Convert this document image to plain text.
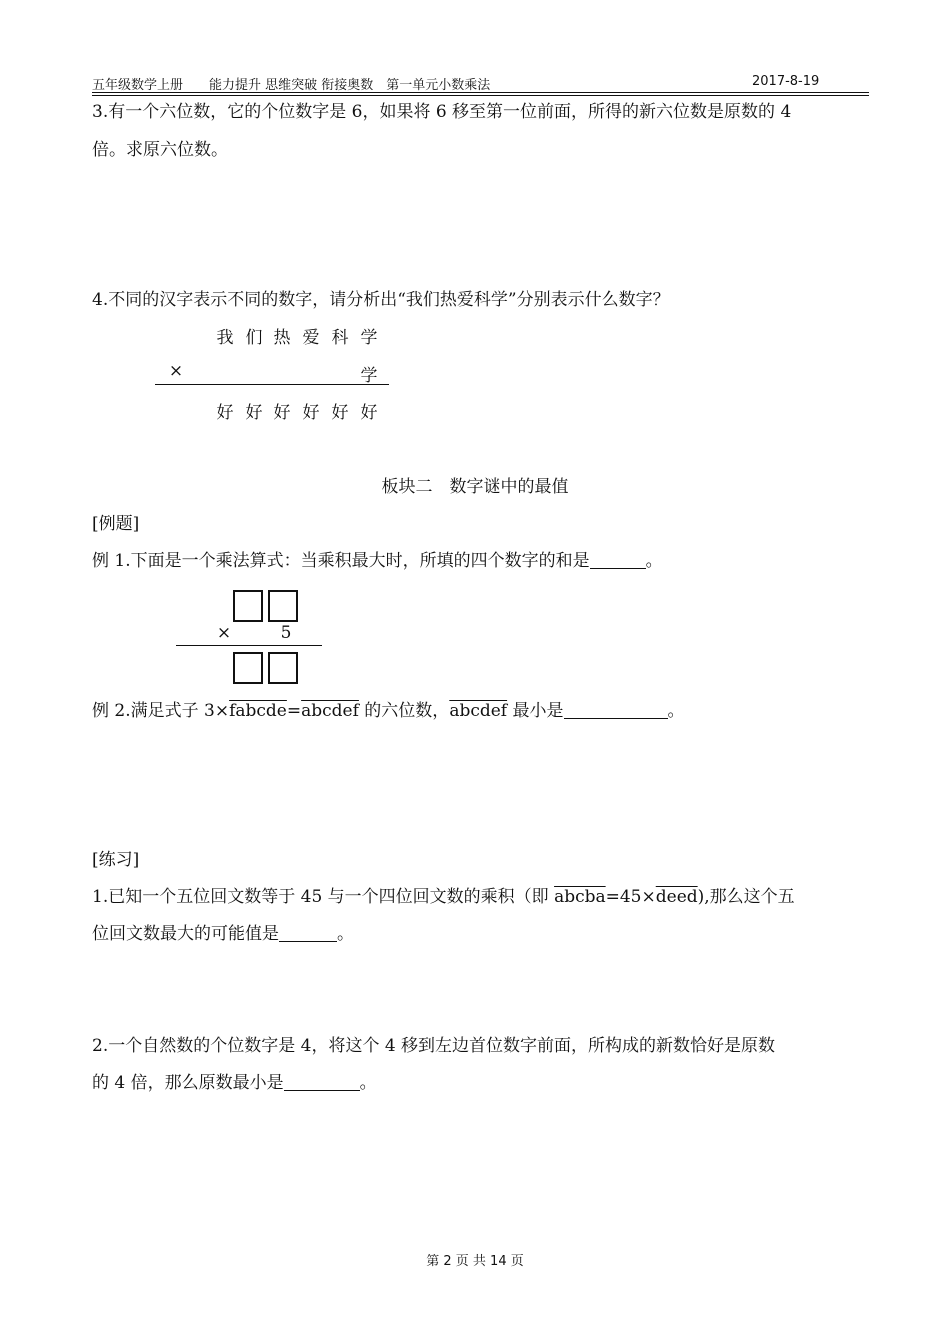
五年级数学上册　　能力提升 思维突破 衔接奥数　第一单元小数乘法	2017-8-19
3.有一个六位数，它的个位数字是 6，如果将 6 移至第一位前面，所得的新六位数是原数的 4
倍。求原六位数。
4.不同的汉字表示不同的数字，请分析出“我们热爱科学”分别表示什么数字？
我 们 热 爱 科 学
×	学
好 好 好 好 好 好
板块二　数字谜中的最值
[例题]
例 1.下面是一个乘法算式：当乘积最大时，所填的四个数字的和是	。
×	5
例 2.满足式子 3×fabcde=abcdef 的六位数，abcdef 最小是	。
[练习]
1.已知一个五位回文数等于 45 与一个四位回文数的乘积（即 abcba=45×deed),那么这个五
位回文数最大的可能值是	。
2.一个自然数的个位数字是 4，将这个 4 移到左边首位数字前面，所构成的新数恰好是原数
的 4 倍，那么原数最小是	。
第 2 页 共 14 页
